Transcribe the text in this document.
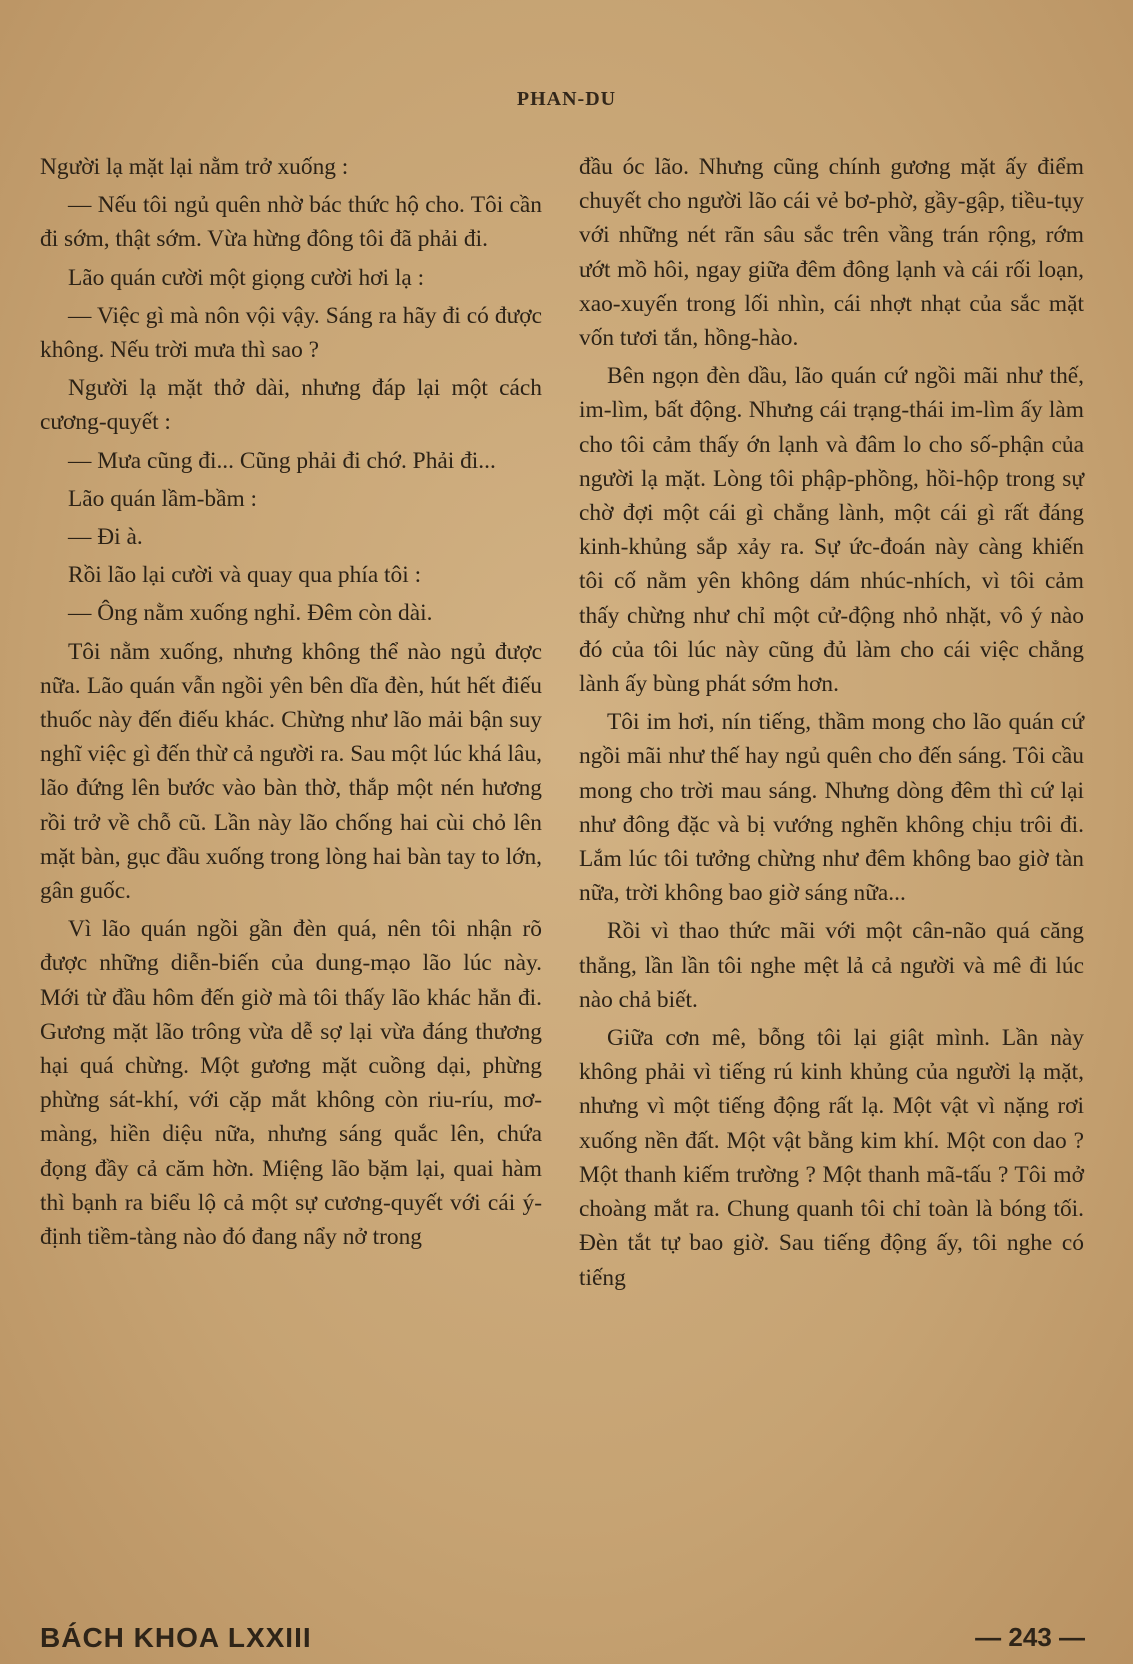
PHAN-DU

Người lạ mặt lại nằm trở xuống :

— Nếu tôi ngủ quên nhờ bác thức hộ cho. Tôi cần đi sớm, thật sớm. Vừa hừng đông tôi đã phải đi.

Lão quán cười một giọng cười hơi lạ :

— Việc gì mà nôn vội vậy. Sáng ra hãy đi có được không. Nếu trời mưa thì sao ?

Người lạ mặt thở dài, nhưng đáp lại một cách cương-quyết :

— Mưa cũng đi... Cũng phải đi chớ. Phải đi...

Lão quán lầm-bầm :

— Đi à.

Rồi lão lại cười và quay qua phía tôi :

— Ông nằm xuống nghỉ. Đêm còn dài.

Tôi nằm xuống, nhưng không thể nào ngủ được nữa. Lão quán vẫn ngồi yên bên dĩa đèn, hút hết điếu thuốc này đến điếu khác. Chừng như lão mải bận suy nghĩ việc gì đến thừ cả người ra. Sau một lúc khá lâu, lão đứng lên bước vào bàn thờ, thắp một nén hương rồi trở về chỗ cũ. Lần này lão chống hai cùi chỏ lên mặt bàn, gục đầu xuống trong lòng hai bàn tay to lớn, gân guốc.

Vì lão quán ngồi gần đèn quá, nên tôi nhận rõ được những diễn-biến của dung-mạo lão lúc này. Mới từ đầu hôm đến giờ mà tôi thấy lão khác hẳn đi. Gương mặt lão trông vừa dễ sợ lại vừa đáng thương hại quá chừng. Một gương mặt cuồng dại, phừng phừng sát-khí, với cặp mắt không còn riu-ríu, mơ-màng, hiền diệu nữa, nhưng sáng quắc lên, chứa đọng đầy cả căm hờn. Miệng lão bặm lại, quai hàm thì bạnh ra biểu lộ cả một sự cương-quyết với cái ý-định tiềm-tàng nào đó đang nẩy nở trong

đầu óc lão. Nhưng cũng chính gương mặt ấy điểm chuyết cho người lão cái vẻ bơ-phờ, gầy-gập, tiều-tụy với những nét rãn sâu sắc trên vầng trán rộng, rớm ướt mồ hôi, ngay giữa đêm đông lạnh và cái rối loạn, xao-xuyến trong lối nhìn, cái nhợt nhạt của sắc mặt vốn tươi tắn, hồng-hào.

Bên ngọn đèn dầu, lão quán cứ ngồi mãi như thế, im-lìm, bất động. Nhưng cái trạng-thái im-lìm ấy làm cho tôi cảm thấy ớn lạnh và đâm lo cho số-phận của người lạ mặt. Lòng tôi phập-phồng, hồi-hộp trong sự chờ đợi một cái gì chẳng lành, một cái gì rất đáng kinh-khủng sắp xảy ra. Sự ức-đoán này càng khiến tôi cố nằm yên không dám nhúc-nhích, vì tôi cảm thấy chừng như chỉ một cử-động nhỏ nhặt, vô ý nào đó của tôi lúc này cũng đủ làm cho cái việc chẳng lành ấy bùng phát sớm hơn.

Tôi im hơi, nín tiếng, thầm mong cho lão quán cứ ngồi mãi như thế hay ngủ quên cho đến sáng. Tôi cầu mong cho trời mau sáng. Nhưng dòng đêm thì cứ lại như đông đặc và bị vướng nghẽn không chịu trôi đi. Lắm lúc tôi tưởng chừng như đêm không bao giờ tàn nữa, trời không bao giờ sáng nữa...

Rồi vì thao thức mãi với một cân-não quá căng thẳng, lần lần tôi nghe mệt lả cả người và mê đi lúc nào chả biết.

Giữa cơn mê, bỗng tôi lại giật mình. Lần này không phải vì tiếng rú kinh khủng của người lạ mặt, nhưng vì một tiếng động rất lạ. Một vật vì nặng rơi xuống nền đất. Một vật bằng kim khí. Một con dao ? Một thanh kiếm trường ? Một thanh mã-tấu ? Tôi mở choàng mắt ra. Chung quanh tôi chỉ toàn là bóng tối. Đèn tắt tự bao giờ. Sau tiếng động ấy, tôi nghe có tiếng

BÁCH KHOA LXXIII	— 243 —
